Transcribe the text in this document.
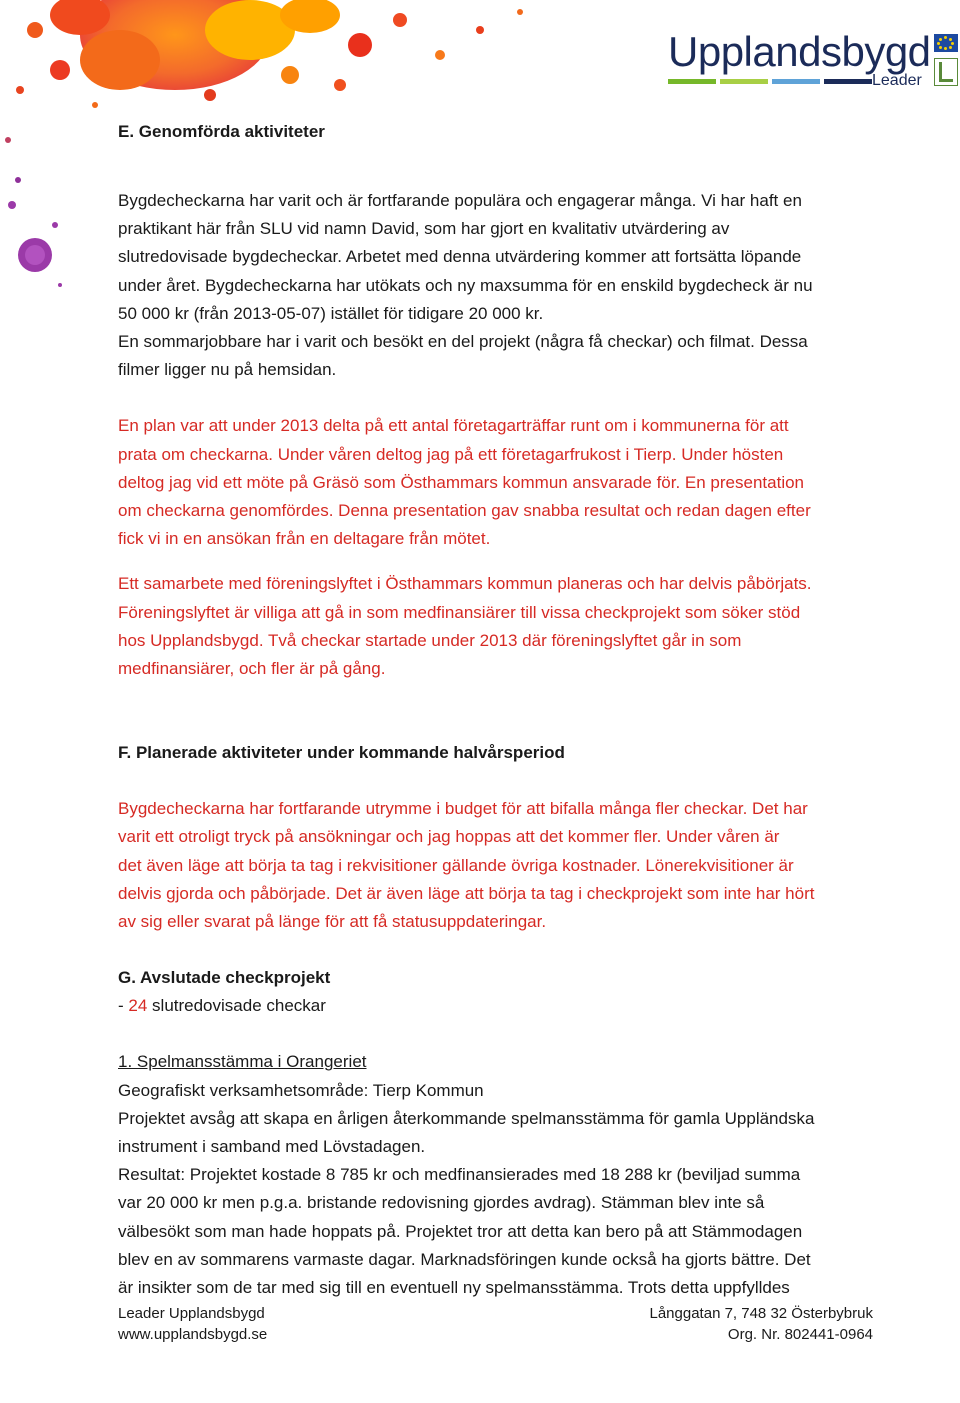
Upplandsbygd
Leader

E. Genomförda aktiviteter

Bygdecheckarna har varit och är fortfarande populära och engagerar många. Vi har haft en

praktikant här från SLU vid namn David, som har gjort en kvalitativ utvärdering av

slutredovisade bygdecheckar. Arbetet med denna utvärdering kommer att fortsätta löpande

under året. Bygdecheckarna har utökats och ny maxsumma för en enskild bygdecheck är nu

50 000 kr (från 2013-05-07) istället för tidigare 20 000 kr.

En sommarjobbare har i varit och besökt en del projekt (några få checkar) och filmat. Dessa

filmer ligger nu på hemsidan.

En plan var att under 2013 delta på ett antal företagarträffar runt om i kommunerna för att

prata om checkarna. Under våren deltog jag på ett företagarfrukost i Tierp. Under hösten

deltog jag vid ett möte på Gräsö som Östhammars kommun ansvarade för. En presentation

om checkarna genomfördes. Denna presentation gav snabba resultat och redan dagen efter

fick vi in en ansökan från en deltagare från mötet.

Ett samarbete med föreningslyftet i Östhammars kommun planeras och har delvis påbörjats.

Föreningslyftet är villiga att gå in som medfinansiärer till vissa checkprojekt som söker stöd

hos Upplandsbygd. Två checkar startade under 2013 där föreningslyftet går in som

medfinansiärer, och fler är på gång.

F. Planerade aktiviteter under kommande halvårsperiod

Bygdecheckarna har fortfarande utrymme i budget för att bifalla många fler checkar. Det har

varit ett otroligt tryck på ansökningar och jag hoppas att det kommer fler. Under våren är

det även läge att börja ta tag i rekvisitioner gällande övriga kostnader. Lönerekvisitioner är

delvis gjorda och påbörjade. Det är även läge att börja ta tag i checkprojekt som inte har hört

av sig eller svarat på länge för att få statusuppdateringar.

G. Avslutade checkprojekt

- 24 slutredovisade checkar

1. Spelmansstämma i Orangeriet

Geografiskt verksamhetsområde: Tierp Kommun

Projektet avsåg att skapa en årligen återkommande spelmansstämma för gamla Uppländska

instrument i samband med Lövstadagen.

Resultat: Projektet kostade 8 785 kr och medfinansierades med 18 288 kr (beviljad summa

var 20 000 kr men p.g.a. bristande redovisning gjordes avdrag). Stämman blev inte så

välbesökt som man hade hoppats på. Projektet tror att detta kan bero på att Stämmodagen

blev en av sommarens varmaste dagar. Marknadsföringen kunde också ha gjorts bättre. Det

är insikter som de tar med sig till en eventuell ny spelmansstämma. Trots detta uppfylldes

Leader Upplandsbygd
www.upplandsbygd.se
Långgatan 7, 748 32 Österbybruk
Org. Nr. 802441-0964
